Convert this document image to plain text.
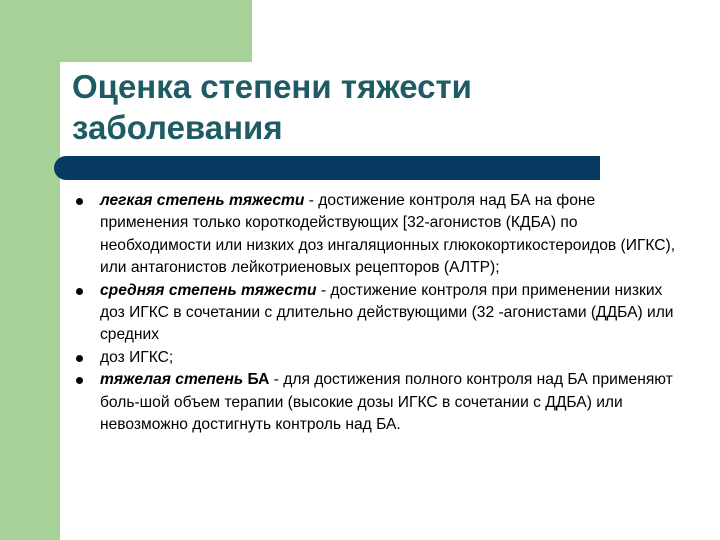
Оценка степени тяжести
заболевания

легкая степень тяжести - достижение контроля над БА на фоне применения только короткодействующих [32-агонистов (КДБА) по необходимости или низких доз ингаляционных глюкокортикостероидов (ИГКС), или антагонистов лейкотриеновых рецепторов (АЛТР);

средняя степень тяжести - достижение контроля при применении низких доз ИГКС в сочетании с длительно действующими (32 -агонистами (ДДБА) или средних

доз ИГКС;

тяжелая степень БА - для достижения полного контроля над БА применяют боль-шой объем терапии (высокие дозы ИГКС в сочетании с ДДБА) или невозможно достигнуть контроль над БА.
